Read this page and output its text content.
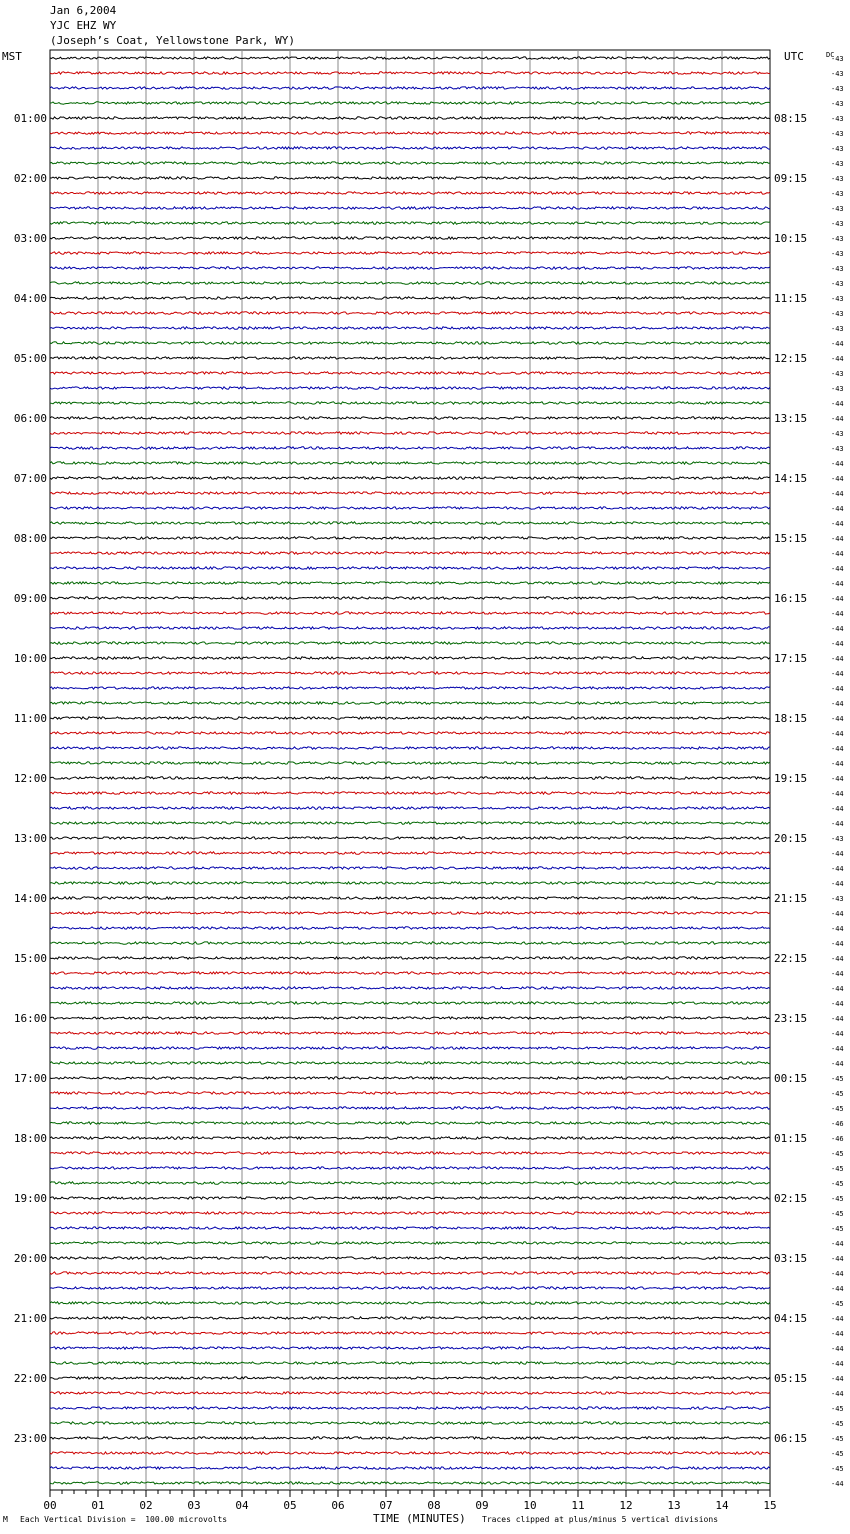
Jan 6,2004
YJC EHZ WY
(Joseph’s Coat, Yellowstone Park, WY)
MST	UTC	DC
-43
-43
-43
-43
-43
-43
-43
-43
-43
-43
-43
-43
-43
-43
-43
-43
-43
-43
-43
-44
-44
-43
-43
-44
-44
-43
-43
-44
-44
-44
-44
-44
-44
-44
-44
-44
-44
-44
-44
-44
-44
-44
-44
-44
-44
-44
-44
-44
-44
-44
-44
-44
-43
-44
-44
-44
-43
-44
-44
-44
-44
-44
-44
-44
-44
-44
-44
-44
-45
-45
-45
-46
-46
-45
-45
-45
-45
-45
-45
-44
-44
-44
-44
-45
-44
-44
-44
-44
-44
-44
-45
-45
-45
-45
-45
-44
01:00
02:00
03:00
04:00
05:00
06:00
07:00
08:00
09:00
10:00
11:00
12:00
13:00
14:00
15:00
16:00
17:00
18:00
19:00
20:00
21:00
22:00
23:00
08:15
09:15
10:15
11:15
12:15
13:15
14:15
15:15
16:15
17:15
18:15
19:15
20:15
21:15
22:15
23:15
00:15
01:15
02:15
03:15
04:15
05:15
06:15
00	01	02	03	04	05	06	07	08	09	10	11	12	13	14	15
TIME (MINUTES)
M Each Vertical Division =  100.00 microvolts	Traces clipped at plus/minus 5 vertical divisions
